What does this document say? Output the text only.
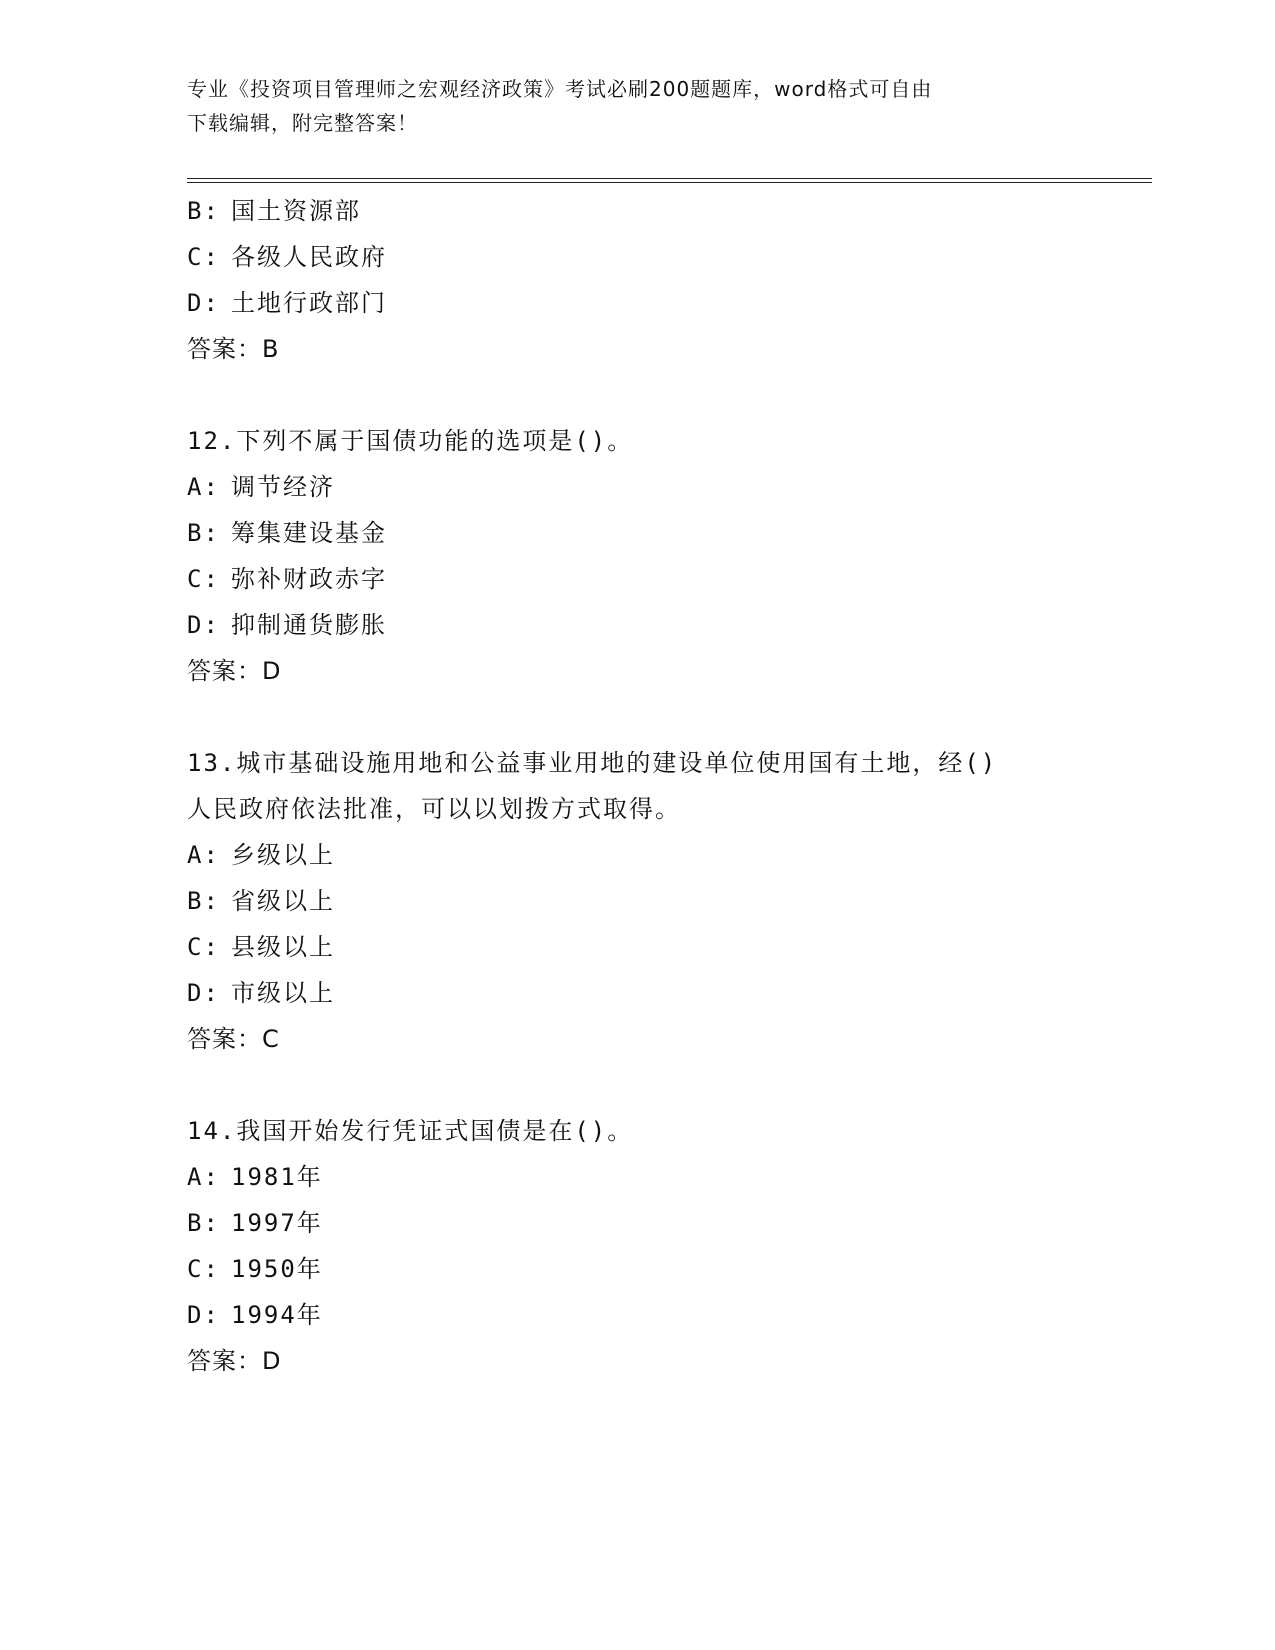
专业《投资项目管理师之宏观经济政策》考试必刷200题题库，word格式可自由
下载编辑，附完整答案！
B: 国土资源部
C: 各级人民政府
D: 土地行政部门
答案：B
12.下列不属于国债功能的选项是()。
A: 调节经济
B: 筹集建设基金
C: 弥补财政赤字
D: 抑制通货膨胀
答案：D
13.城市基础设施用地和公益事业用地的建设单位使用国有土地，经()
人民政府依法批准，可以以划拨方式取得。
A: 乡级以上
B: 省级以上
C: 县级以上
D: 市级以上
答案：C
14.我国开始发行凭证式国债是在()。
A: 1981年
B: 1997年
C: 1950年
D: 1994年
答案：D
